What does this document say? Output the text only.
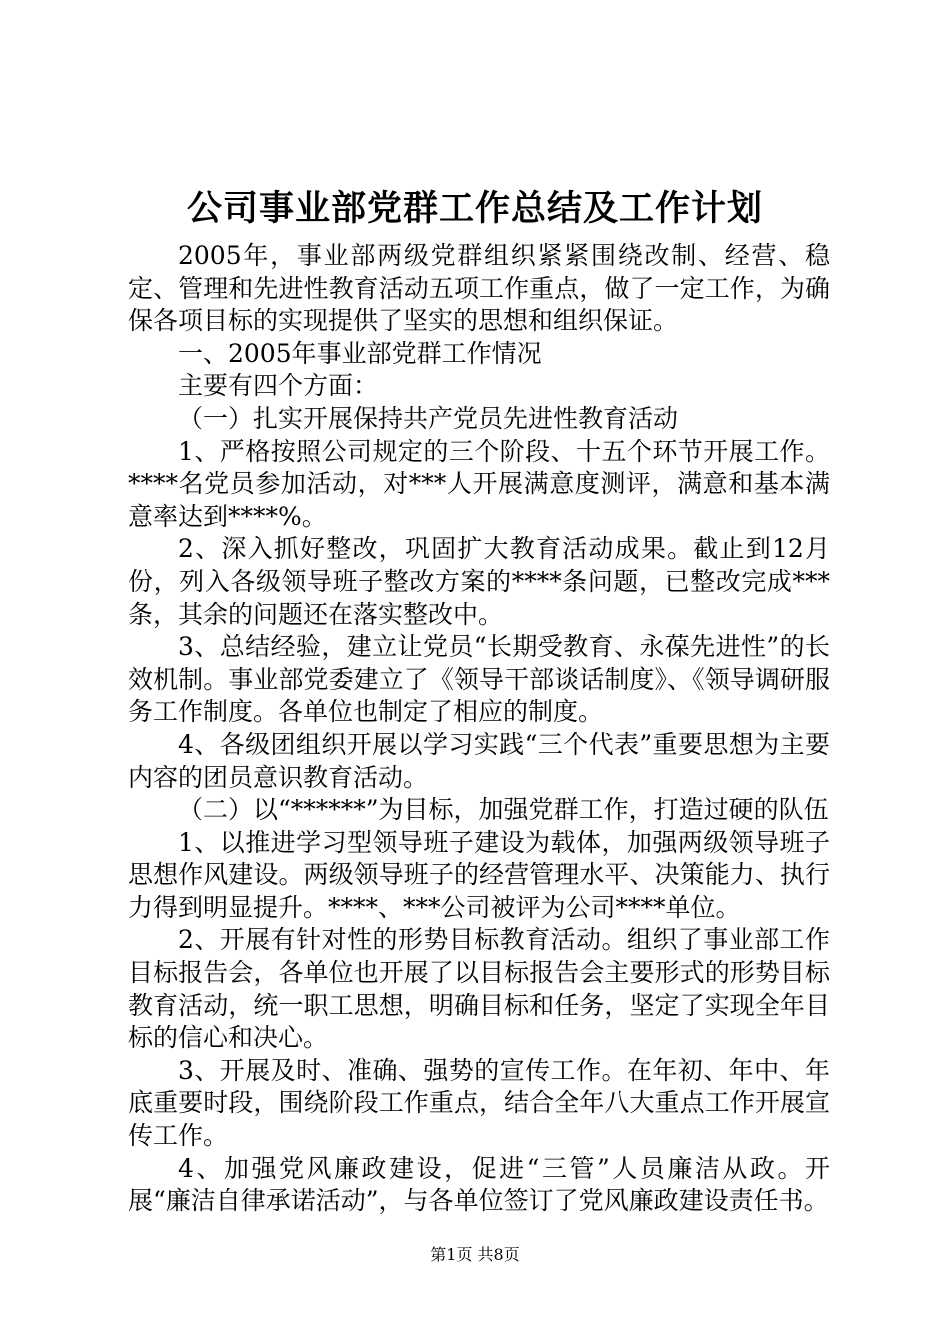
公司事业部党群工作总结及工作计划

2005年，事业部两级党群组织紧紧围绕改制、经营、稳定、管理和先进性教育活动五项工作重点，做了一定工作，为确保各项目标的实现提供了坚实的思想和组织保证。

一、2005年事业部党群工作情况

主要有四个方面：

（一）扎实开展保持共产党员先进性教育活动

1、严格按照公司规定的三个阶段、十五个环节开展工作。****名党员参加活动，对***人开展满意度测评，满意和基本满意率达到****%。

2、深入抓好整改，巩固扩大教育活动成果。截止到12月份，列入各级领导班子整改方案的****条问题，已整改完成***条，其余的问题还在落实整改中。

3、总结经验，建立让党员“长期受教育、永葆先进性”的长效机制。事业部党委建立了《领导干部谈话制度》、《领导调研服务工作制度。各单位也制定了相应的制度。

4、各级团组织开展以学习实践“三个代表”重要思想为主要内容的团员意识教育活动。

（二）以“******”为目标，加强党群工作，打造过硬的队伍

1、以推进学习型领导班子建设为载体，加强两级领导班子思想作风建设。两级领导班子的经营管理水平、决策能力、执行力得到明显提升。****、***公司被评为公司****单位。

2、开展有针对性的形势目标教育活动。组织了事业部工作目标报告会，各单位也开展了以目标报告会主要形式的形势目标教育活动，统一职工思想，明确目标和任务，坚定了实现全年目标的信心和决心。

3、开展及时、准确、强势的宣传工作。在年初、年中、年底重要时段，围绕阶段工作重点，结合全年八大重点工作开展宣传工作。

4、加强党风廉政建设，促进“三管”人员廉洁从政。开展“廉洁自律承诺活动”，与各单位签订了党风廉政建设责任书。

第1页 共8页
